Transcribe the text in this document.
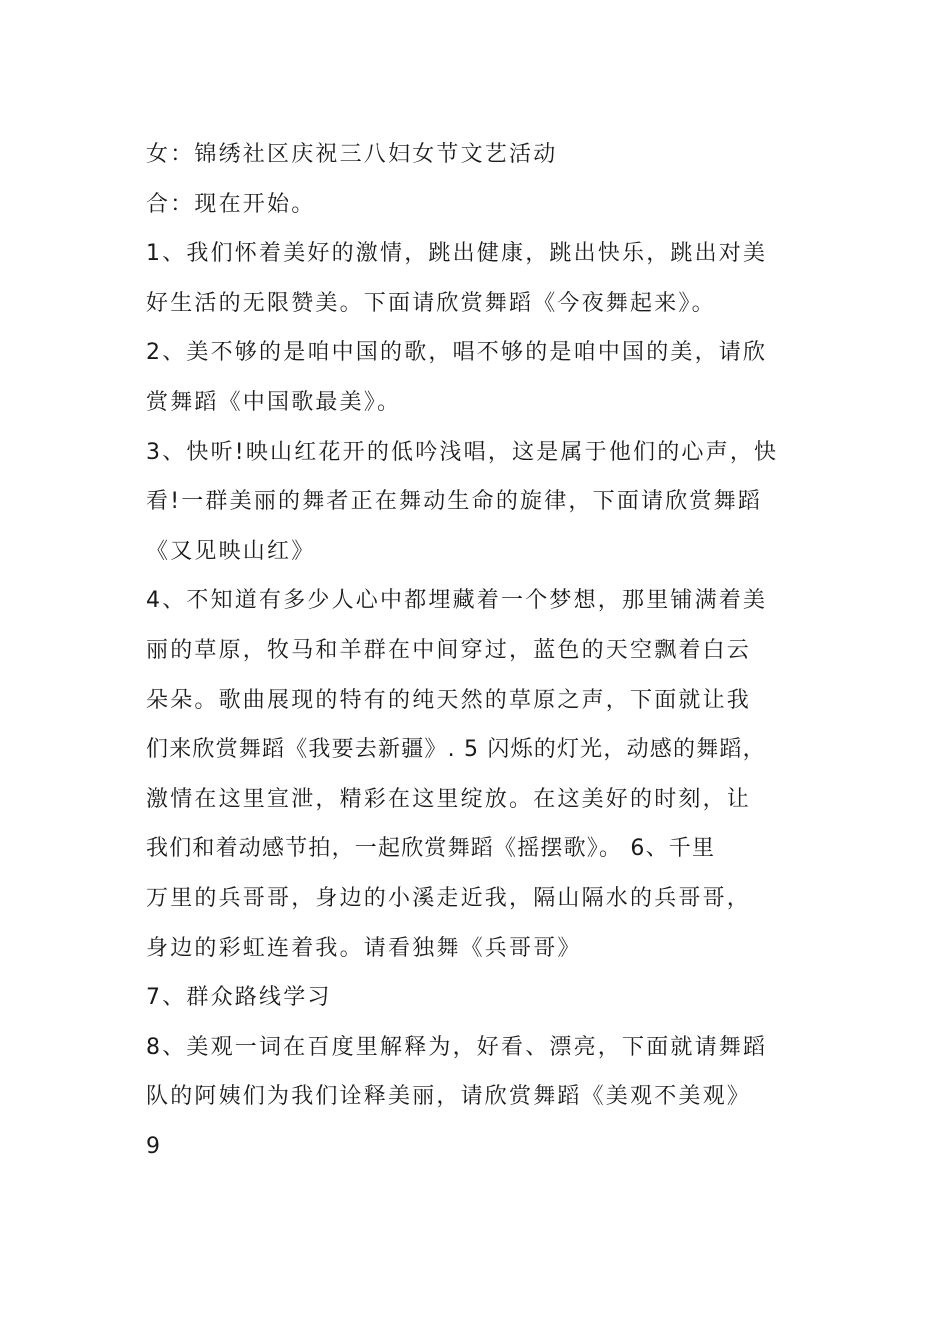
女：锦绣社区庆祝三八妇女节文艺活动
合：现在开始。
1、我们怀着美好的激情，跳出健康，跳出快乐，跳出对美
好生活的无限赞美。下面请欣赏舞蹈《今夜舞起来》。
2、美不够的是咱中国的歌，唱不够的是咱中国的美，请欣
赏舞蹈《中国歌最美》。
3、快听!映山红花开的低吟浅唱，这是属于他们的心声，快
看!一群美丽的舞者正在舞动生命的旋律，下面请欣赏舞蹈
《又见映山红》
4、不知道有多少人心中都埋藏着一个梦想，那里铺满着美
丽的草原，牧马和羊群在中间穿过，蓝色的天空飘着白云
朵朵。歌曲展现的特有的纯天然的草原之声，下面就让我
们来欣赏舞蹈《我要去新疆》. 5 闪烁的灯光，动感的舞蹈，
激情在这里宣泄，精彩在这里绽放。在这美好的时刻，让
我们和着动感节拍，一起欣赏舞蹈《摇摆歌》。 6、千里
万里的兵哥哥，身边的小溪走近我，隔山隔水的兵哥哥，
身边的彩虹连着我。请看独舞《兵哥哥》
7、群众路线学习
8、美观一词在百度里解释为，好看、漂亮，下面就请舞蹈
队的阿姨们为我们诠释美丽，请欣赏舞蹈《美观不美观》
9
